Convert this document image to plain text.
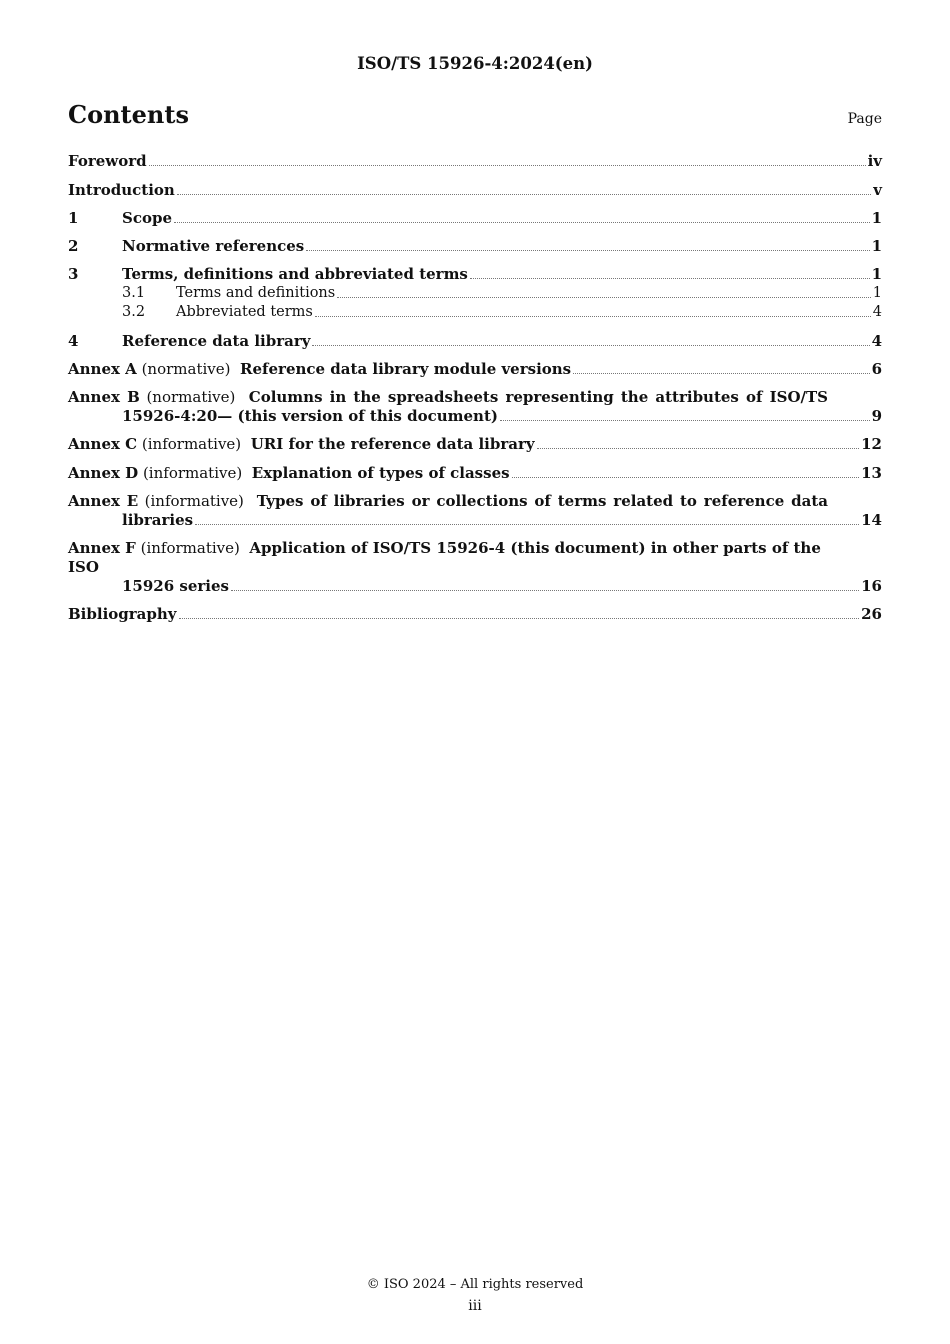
ISO/TS 15926-4:2024(en)
Contents	Page
Foreword	iv
Introduction	v
1	Scope	1
2	Normative references	1
3	Terms, definitions and abbreviated terms	1
3.1 Terms and definitions	1
3.2 Abbreviated terms	4
4	Reference data library	4
Annex A (normative) Reference data library module versions	6
Annex B (normative) Columns in the spreadsheets representing the attributes of ISO/TS
15926-4:20— (this version of this document)	9
Annex C (informative) URI for the reference data library	12
Annex D (informative) Explanation of types of classes	13
Annex E (informative) Types of libraries or collections of terms related to reference data
libraries	14
Annex F (informative) Application of ISO/TS 15926-4 (this document) in other parts of the ISO
15926 series	16
Bibliography	26
© ISO 2024 – All rights reserved
iii
